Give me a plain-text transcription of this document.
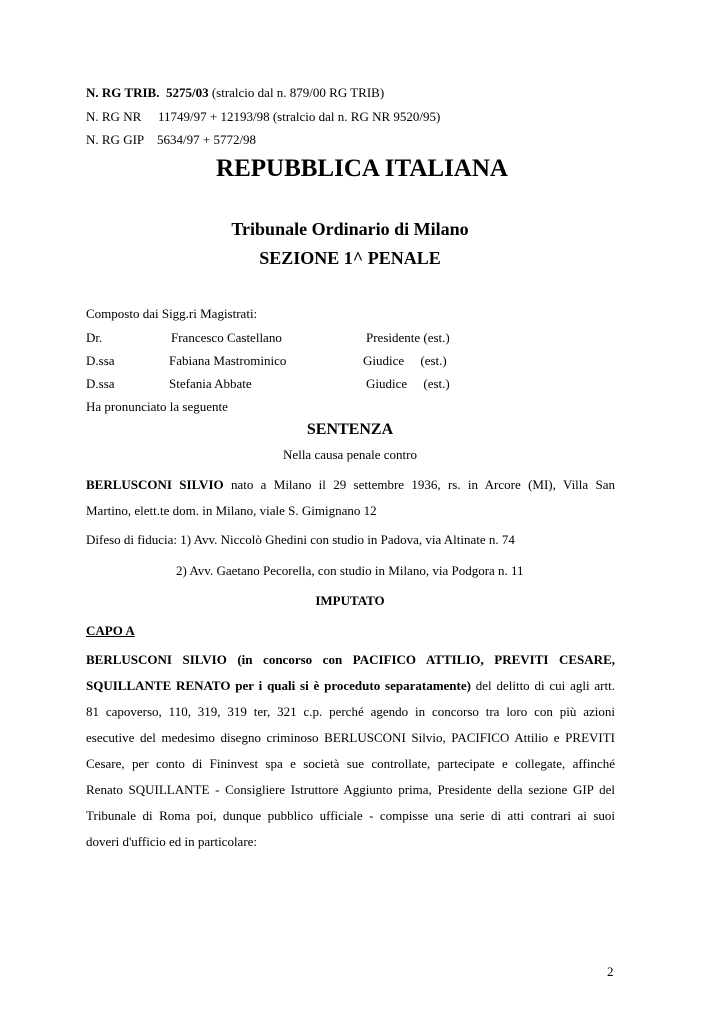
N. RG TRIB. 5275/03 (stralcio dal n. 879/00 RG TRIB)
N. RG NR 11749/97 + 12193/98 (stralcio dal n. RG NR 9520/95)
N. RG GIP 5634/97 + 5772/98
REPUBBLICA ITALIANA
Tribunale Ordinario di Milano
SEZIONE 1^ PENALE
Composto dai Sigg.ri Magistrati:
Dr.	Francesco Castellano	Presidente (est.)
D.ssa	Fabiana Mastrominico	Giudice     (est.)
D.ssa	Stefania Abbate	Giudice     (est.)
Ha pronunciato la seguente
SENTENZA
Nella causa penale contro
BERLUSCONI SILVIO nato a Milano il 29 settembre 1936, rs. in Arcore (MI), Villa San
Martino, elett.te dom. in Milano, viale S. Gimignano 12
Difeso di fiducia: 1) Avv. Niccolò Ghedini con studio in Padova, via Altinate n. 74
2) Avv. Gaetano Pecorella, con studio in Milano, via Podgora n. 11
IMPUTATO
CAPO A
BERLUSCONI SILVIO (in concorso con PACIFICO ATTILIO, PREVITI CESARE,
SQUILLANTE RENATO per i quali si è proceduto separatamente) del delitto di cui agli artt.
81 capoverso, 110, 319, 319 ter, 321 c.p. perché agendo in concorso tra loro con più azioni
esecutive del medesimo disegno criminoso BERLUSCONI Silvio, PACIFICO Attilio e PREVITI
Cesare, per conto di Fininvest spa e società sue controllate, partecipate e collegate, affinché
Renato SQUILLANTE - Consigliere Istruttore Aggiunto prima, Presidente della sezione GIP del
Tribunale di Roma poi, dunque pubblico ufficiale - compisse una serie di atti contrari ai suoi
doveri d'ufficio ed in particolare:
2
